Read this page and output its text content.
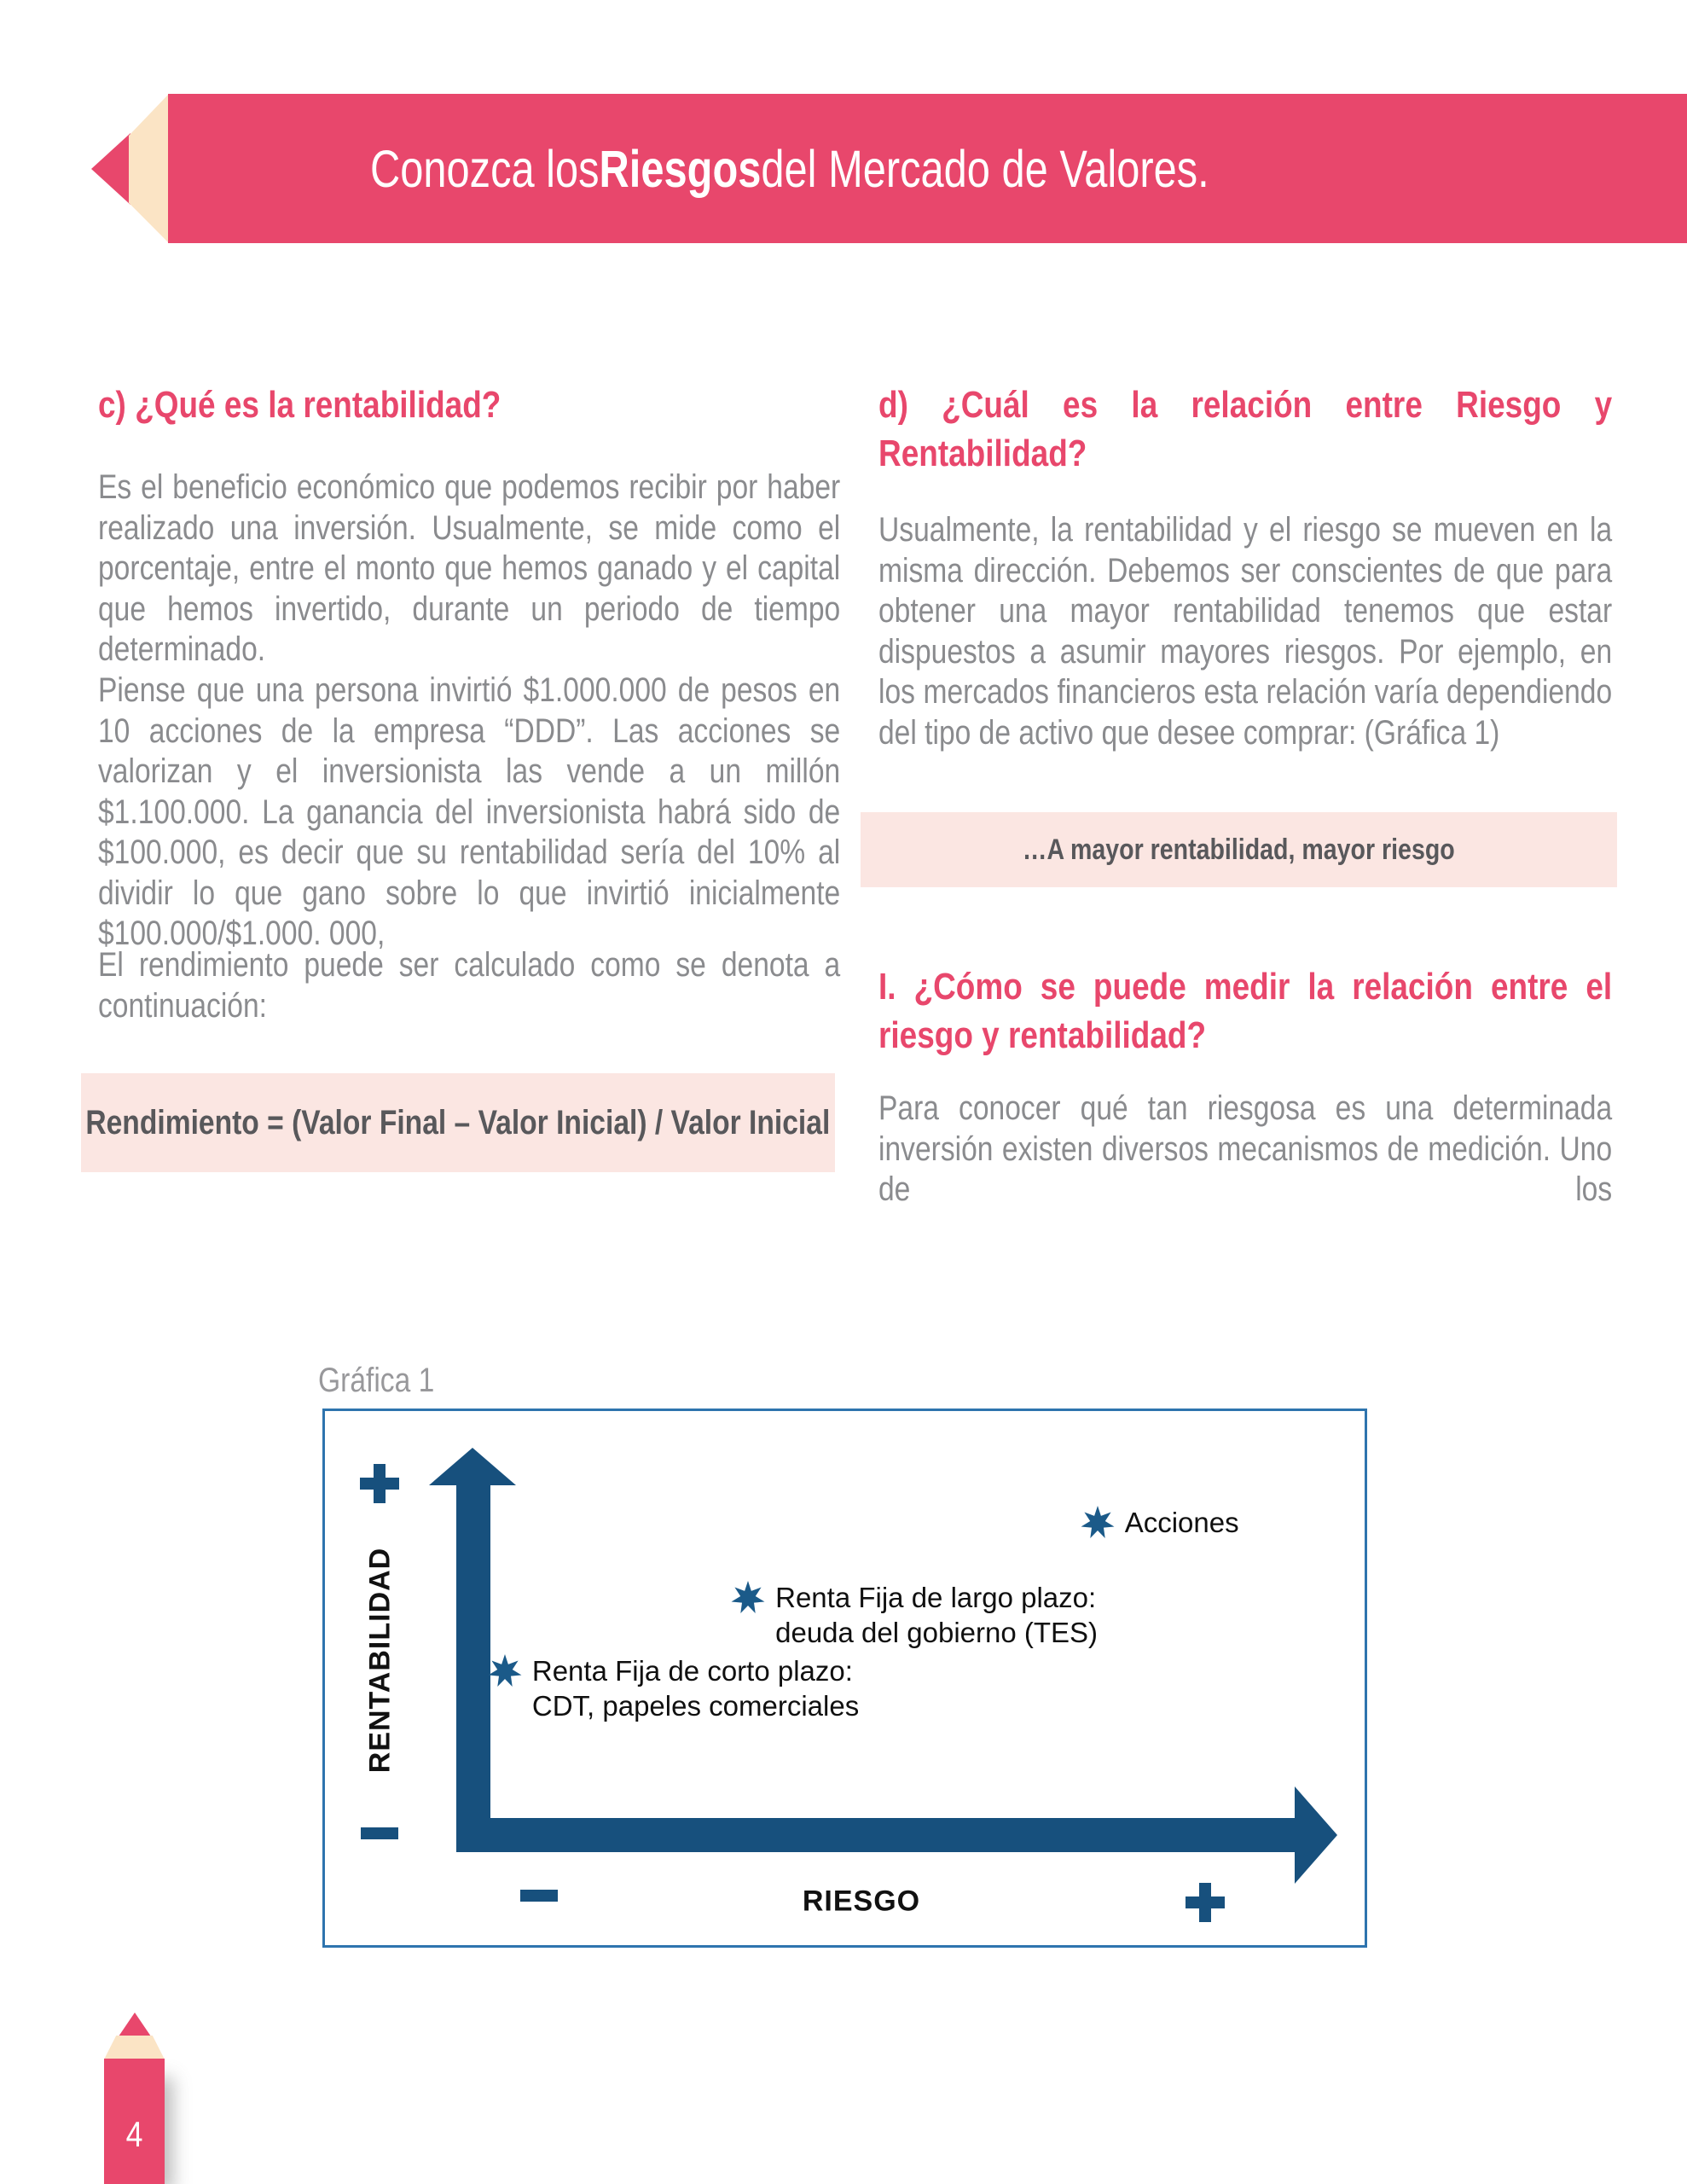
Conozca los Riesgos del Mercado de Valores.
c) ¿Qué es la rentabilidad?
Es el beneficio económico que podemos recibir por haber realizado una inversión. Usualmente, se mide como el porcentaje, entre el monto que hemos ganado y el capital que hemos invertido, durante un periodo de tiempo determinado.
Piense que una persona invirtió $1.000.000 de pesos en 10 acciones de la empresa “DDD”. Las acciones se valorizan y el inversionista las vende a un millón $1.100.000. La ganancia del inversionista habrá sido de $100.000, es decir que su rentabilidad sería del 10% al dividir lo que gano sobre lo que invirtió inicialmente $100.000/$1.000. 000,
El rendimiento puede ser calculado como se denota a continuación:
Rendimiento = (Valor Final – Valor Inicial) / Valor Inicial
d) ¿Cuál es la relación entre Riesgo y
Rentabilidad?
Usualmente, la rentabilidad y el riesgo se mueven en la misma dirección. Debemos ser conscientes de que para obtener una mayor rentabilidad tenemos que estar dispuestos a asumir mayores riesgos. Por ejemplo, en los mercados financieros esta relación varía dependiendo del tipo de activo que desee comprar: (Gráfica 1)
…A mayor rentabilidad, mayor riesgo
I. ¿Cómo se puede medir la relación entre el
riesgo y rentabilidad?
Para conocer qué tan riesgosa es una determinada inversión existen diversos mecanismos de medición. Uno de los
Gráfica 1
RENTABILIDAD
RIESGO
Renta Fija de corto plazo:
CDT, papeles comerciales
Renta Fija de largo plazo:
deuda del gobierno (TES)
Acciones
4
